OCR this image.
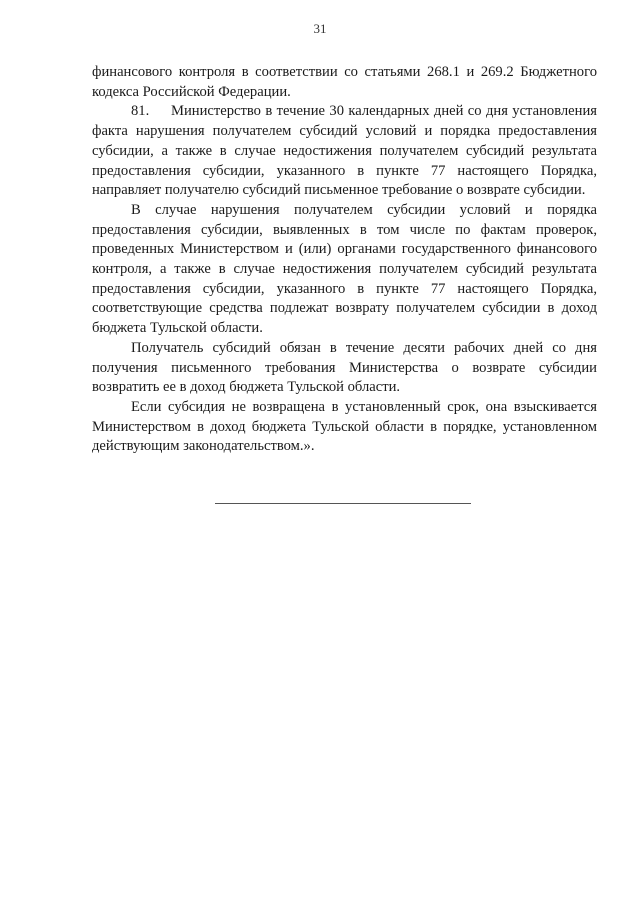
31

финансового контроля в соответствии со статьями 268.1 и 269.2 Бюджетного кодекса Российской Федерации.

81. Министерство в течение 30 календарных дней со дня установления факта нарушения получателем субсидий условий и порядка предоставления субсидии, а также в случае недостижения получателем субсидий результата предоставления субсидии, указанного в пункте 77 настоящего Порядка, направляет получателю субсидий письменное требование о возврате субсидии.

В случае нарушения получателем субсидии условий и порядка предоставления субсидии, выявленных в том числе по фактам проверок, проведенных Министерством и (или) органами государственного финансового контроля, а также в случае недостижения получателем субсидий результата предоставления субсидии, указанного в пункте 77 настоящего Порядка, соответствующие средства подлежат возврату получателем субсидии в доход бюджета Тульской области.

Получатель субсидий обязан в течение десяти рабочих дней со дня получения письменного требования Министерства о возврате субсидии возвратить ее в доход бюджета Тульской области.

Если субсидия не возвращена в установленный срок, она взыскивается Министерством в доход бюджета Тульской области в порядке, установленном действующим законодательством.».
